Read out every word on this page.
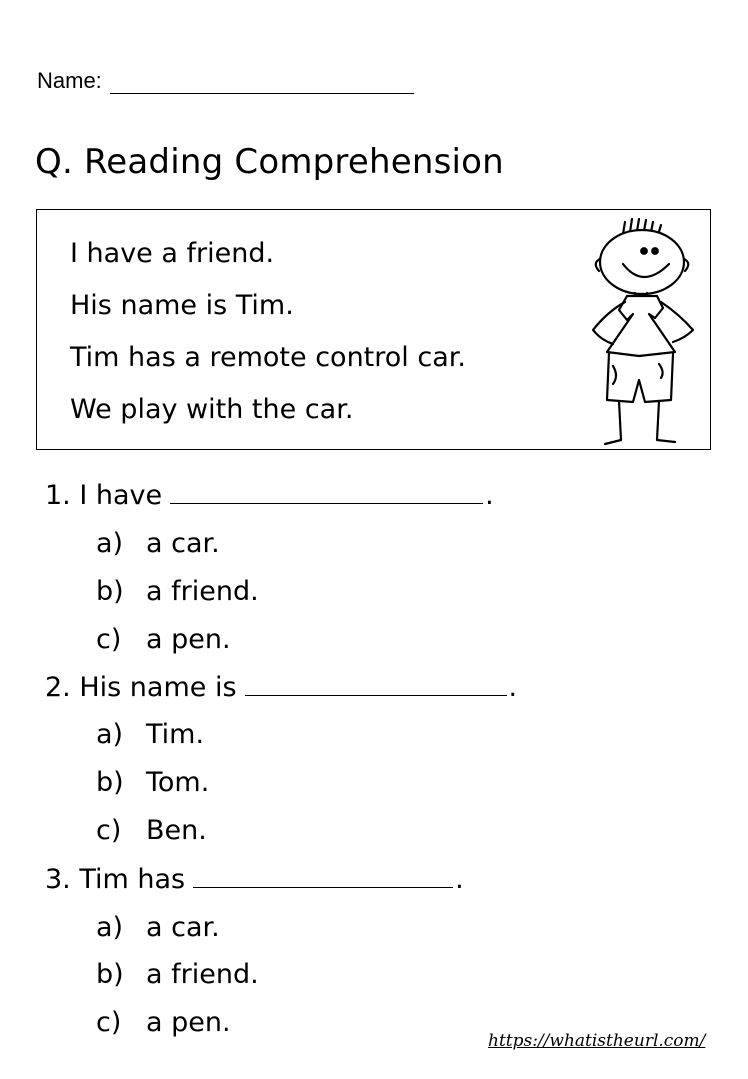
Name:
Q. Reading Comprehension
I have a friend.
His name is Tim.
Tim has a remote control car.
We play with the car.
1. I have	.
a) a car.
b) a friend.
c) a pen.
2. His name is	.
a) Tim.
b) Tom.
c) Ben.
3. Tim has	.
a) a car.
b) a friend.
c) a pen.
https://whatistheurl.com/
